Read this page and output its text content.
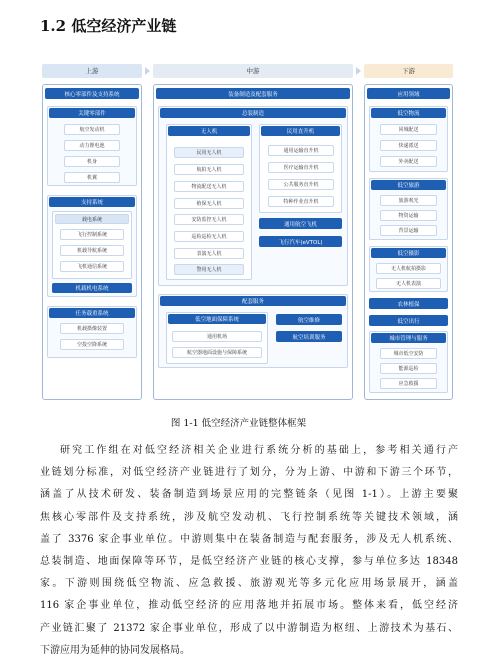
1.2 低空经济产业链
上游	中游	下游
核心零部件及支持系统
关键零部件
航空发动机
动力锂电池
机身
机翼
支持系统
载电系统
飞行控制系统
机载导航系统
飞机通信系统
机载机电系统
任务载重系统
机载摄像装置
空投空降系统
装备制造及配套服务
总装制造
无人机
民用无人机
航拍无人机
物流配送无人机
植保无人机
安防监控无人机
巡检巡检无人机
表演无人机
警用无人机
民用直升机
通用运输直升机
医疗运输直升机
公共服务直升机
特种作业直升机
通用航空飞机
飞行汽车(eVTOL)
配套服务
低空地面保障系统
通用机场
航空器地面设施与保障系统
航空维修
航空培训服务
应用领域
低空物流
同城配送
快递派送
外卖配送
低空旅游
旅游观光
物资运输
背景运输
低空摄影
无人机航拍摄影
无人机表演
农林植保
低空出行
城市管理与服务
城市低空安防
能源巡检
应急救援
图 1-1 低空经济产业链整体框架

研究工作组在对低空经济相关企业进行系统分析的基础上，参考相关通行产

业链划分标准，对低空经济产业链进行了划分，分为上游、中游和下游三个环节，

涵盖了从技术研发、装备制造到场景应用的完整链条（见图 1-1）。上游主要聚

焦核心零部件及支持系统，涉及航空发动机、飞行控制系统等关键技术领域，涵

盖了 3376 家企事业单位。中游则集中在装备制造与配套服务，涉及无人机系统、

总装制造、地面保障等环节，是低空经济产业链的核心支撑，参与单位多达 18348

家。下游则围绕低空物流、应急救援、旅游观光等多元化应用场景展开，涵盖

116 家企事业单位，推动低空经济的应用落地并拓展市场。整体来看，低空经济

产业链汇聚了 21372 家企事业单位，形成了以中游制造为枢纽、上游技术为基石、

下游应用为延伸的协同发展格局。
